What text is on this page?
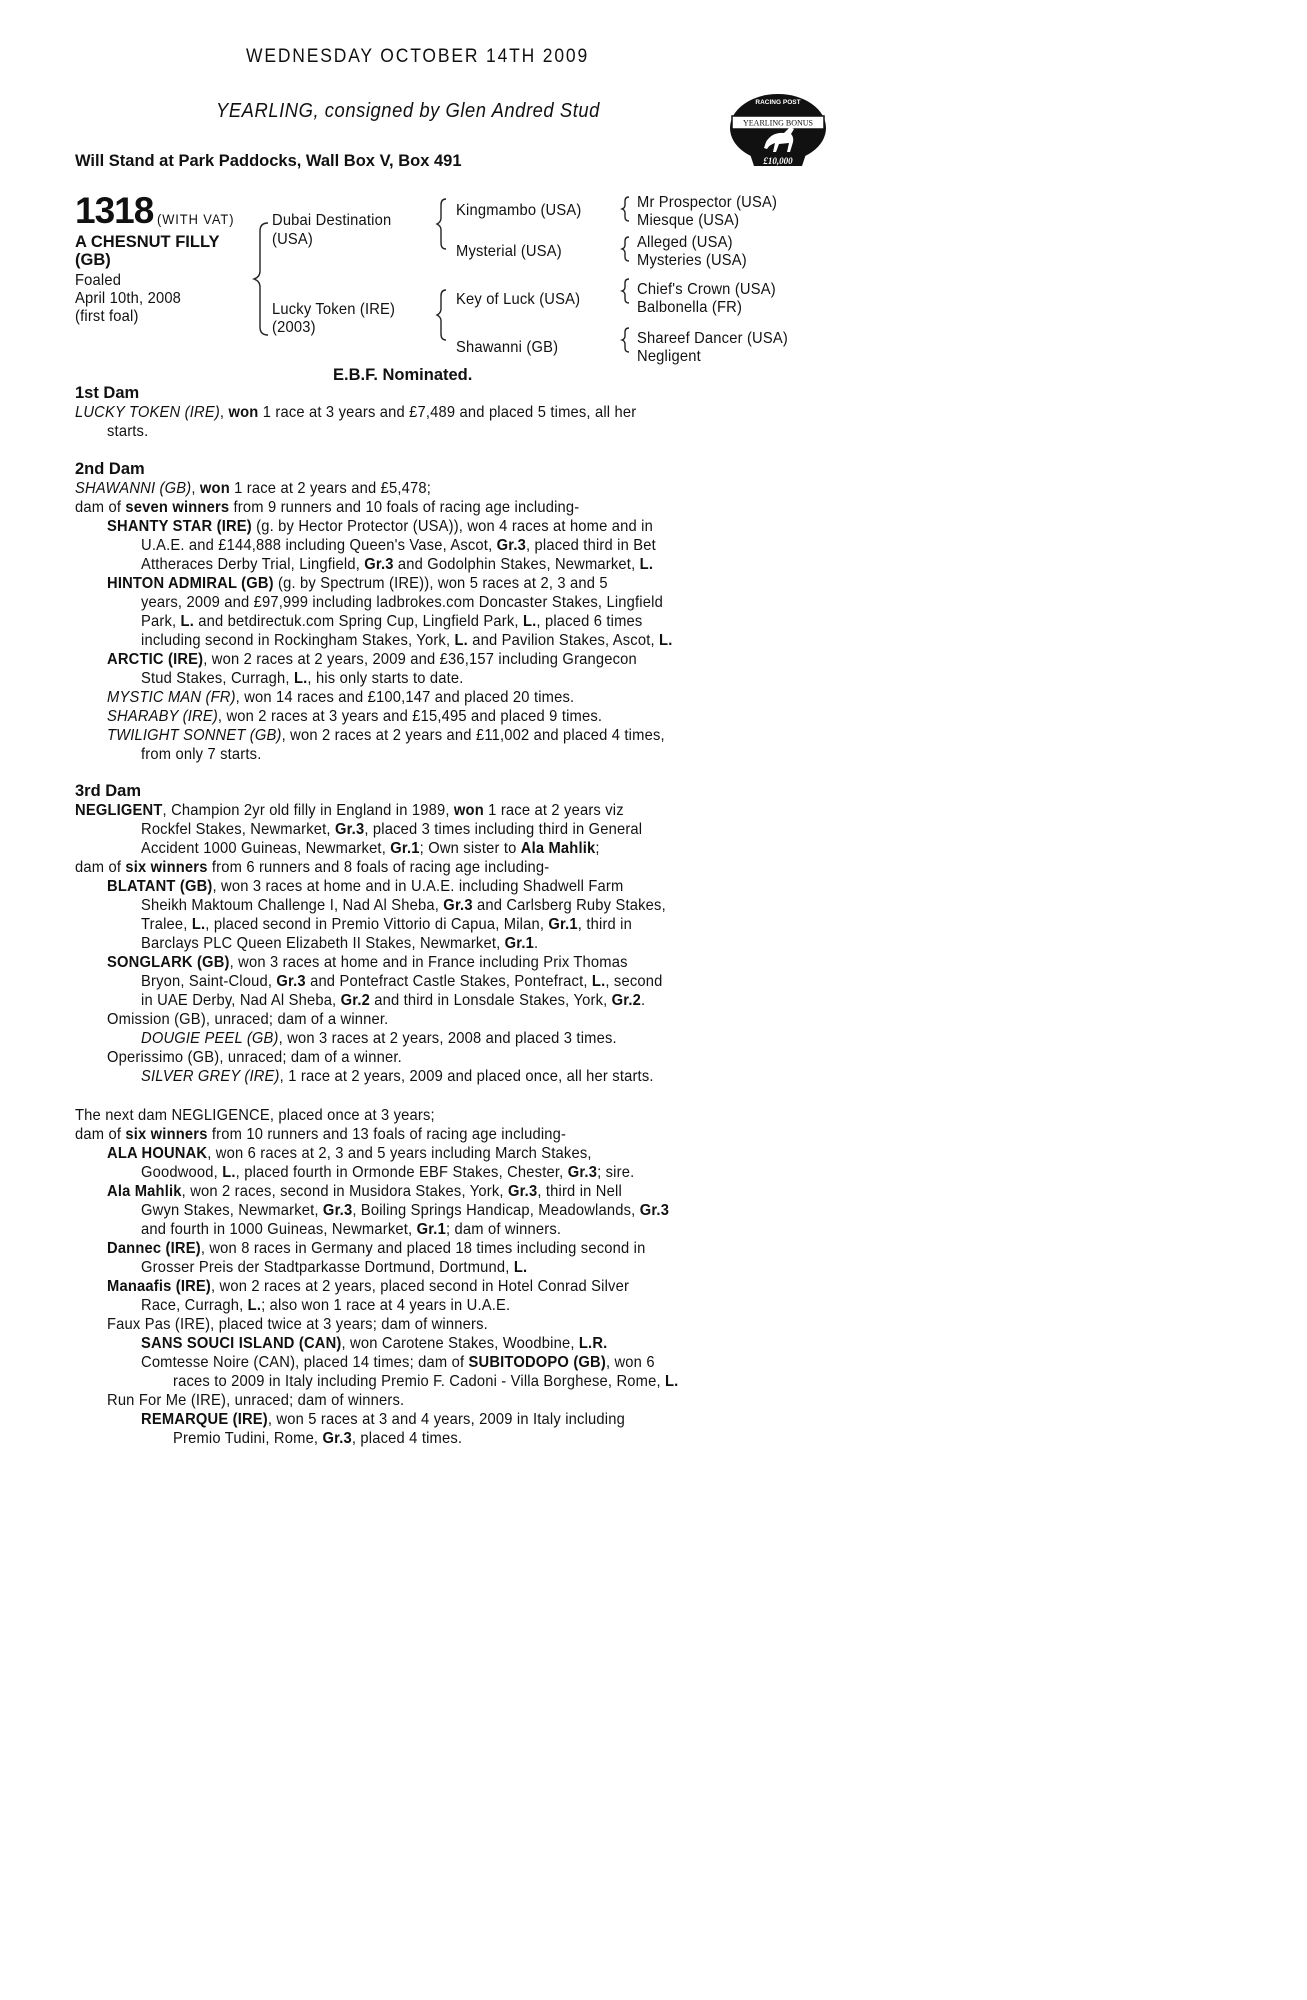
WEDNESDAY OCTOBER 14TH 2009
YEARLING, consigned by Glen Andred Stud
Will Stand at Park Paddocks, Wall Box V, Box 491
RACING POST
YEARLING BONUS
£10,000
1318 (WITH VAT)
A CHESNUT FILLY
(GB)
Foaled
April 10th, 2008
(first foal)
Dubai Destination
(USA)
Lucky Token (IRE)
(2003)
Kingmambo (USA)
Mysterial (USA)
Key of Luck (USA)
Shawanni (GB)
Mr Prospector (USA)
Miesque (USA)
Alleged (USA)
Mysteries (USA)
Chief's Crown (USA)
Balbonella (FR)
Shareef Dancer (USA)
Negligent
E.B.F. Nominated.
1st Dam
LUCKY TOKEN (IRE), won 1 race at 3 years and £7,489 and placed 5 times, all her
starts.
2nd Dam
SHAWANNI (GB), won 1 race at 2 years and £5,478;
dam of seven winners from 9 runners and 10 foals of racing age including-
SHANTY STAR (IRE) (g. by Hector Protector (USA)), won 4 races at home and in
U.A.E. and £144,888 including Queen's Vase, Ascot, Gr.3, placed third in Bet
Attheraces Derby Trial, Lingfield, Gr.3 and Godolphin Stakes, Newmarket, L.
HINTON ADMIRAL (GB) (g. by Spectrum (IRE)), won 5 races at 2, 3 and 5
years, 2009 and £97,999 including ladbrokes.com Doncaster Stakes, Lingfield
Park, L. and betdirectuk.com Spring Cup, Lingfield Park, L., placed 6 times
including second in Rockingham Stakes, York, L. and Pavilion Stakes, Ascot, L.
ARCTIC (IRE), won 2 races at 2 years, 2009 and £36,157 including Grangecon
Stud Stakes, Curragh, L., his only starts to date.
MYSTIC MAN (FR), won 14 races and £100,147 and placed 20 times.
SHARABY (IRE), won 2 races at 3 years and £15,495 and placed 9 times.
TWILIGHT SONNET (GB), won 2 races at 2 years and £11,002 and placed 4 times,
from only 7 starts.
3rd Dam
NEGLIGENT, Champion 2yr old filly in England in 1989, won 1 race at 2 years viz
Rockfel Stakes, Newmarket, Gr.3, placed 3 times including third in General
Accident 1000 Guineas, Newmarket, Gr.1; Own sister to Ala Mahlik;
dam of six winners from 6 runners and 8 foals of racing age including-
BLATANT (GB), won 3 races at home and in U.A.E. including Shadwell Farm
Sheikh Maktoum Challenge I, Nad Al Sheba, Gr.3 and Carlsberg Ruby Stakes,
Tralee, L., placed second in Premio Vittorio di Capua, Milan, Gr.1, third in
Barclays PLC Queen Elizabeth II Stakes, Newmarket, Gr.1.
SONGLARK (GB), won 3 races at home and in France including Prix Thomas
Bryon, Saint-Cloud, Gr.3 and Pontefract Castle Stakes, Pontefract, L., second
in UAE Derby, Nad Al Sheba, Gr.2 and third in Lonsdale Stakes, York, Gr.2.
Omission (GB), unraced; dam of a winner.
DOUGIE PEEL (GB), won 3 races at 2 years, 2008 and placed 3 times.
Operissimo (GB), unraced; dam of a winner.
SILVER GREY (IRE), 1 race at 2 years, 2009 and placed once, all her starts.
The next dam NEGLIGENCE, placed once at 3 years;
dam of six winners from 10 runners and 13 foals of racing age including-
ALA HOUNAK, won 6 races at 2, 3 and 5 years including March Stakes,
Goodwood, L., placed fourth in Ormonde EBF Stakes, Chester, Gr.3; sire.
Ala Mahlik, won 2 races, second in Musidora Stakes, York, Gr.3, third in Nell
Gwyn Stakes, Newmarket, Gr.3, Boiling Springs Handicap, Meadowlands, Gr.3
and fourth in 1000 Guineas, Newmarket, Gr.1; dam of winners.
Dannec (IRE), won 8 races in Germany and placed 18 times including second in
Grosser Preis der Stadtparkasse Dortmund, Dortmund, L.
Manaafis (IRE), won 2 races at 2 years, placed second in Hotel Conrad Silver
Race, Curragh, L.; also won 1 race at 4 years in U.A.E.
Faux Pas (IRE), placed twice at 3 years; dam of winners.
SANS SOUCI ISLAND (CAN), won Carotene Stakes, Woodbine, L.R.
Comtesse Noire (CAN), placed 14 times; dam of SUBITODOPO (GB), won 6
races to 2009 in Italy including Premio F. Cadoni - Villa Borghese, Rome, L.
Run For Me (IRE), unraced; dam of winners.
REMARQUE (IRE), won 5 races at 3 and 4 years, 2009 in Italy including
Premio Tudini, Rome, Gr.3, placed 4 times.
